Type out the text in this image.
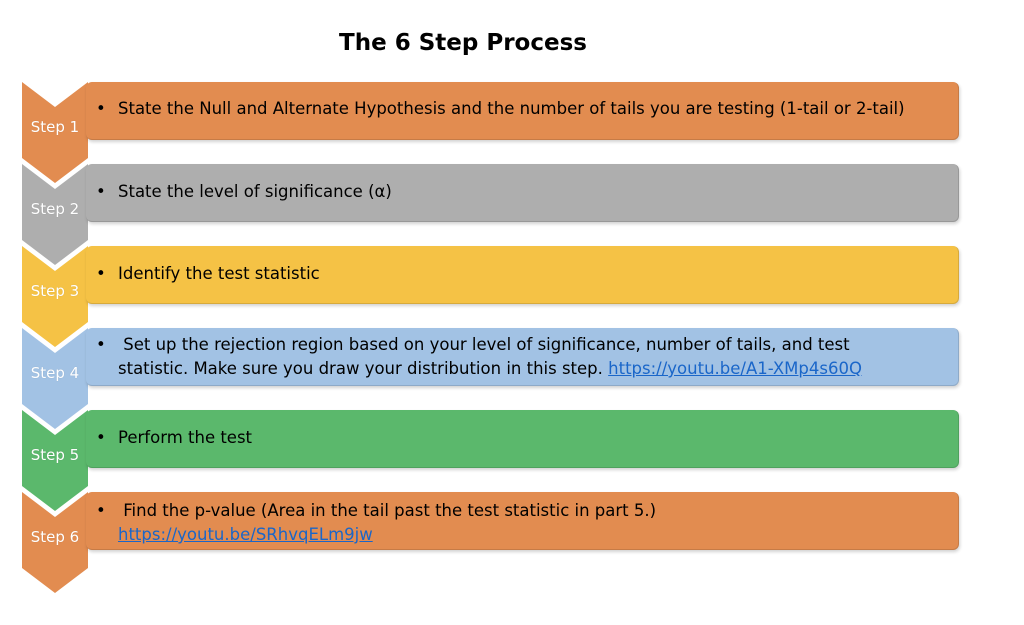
The 6 Step Process
Step 1
• State the Null and Alternate Hypothesis and the number of tails you are testing (1-tail or 2-tail)
Step 2
• State the level of significance (α)
Step 3
• Identify the test statistic
Step 4
• Set up the rejection region based on your level of significance, number of tails, and test
statistic. Make sure you draw your distribution in this step. https://youtu.be/A1-XMp4s60Q
Step 5
• Perform the test
Step 6
• Find the p-value (Area in the tail past the test statistic in part 5.)
https://youtu.be/SRhvqELm9jw
